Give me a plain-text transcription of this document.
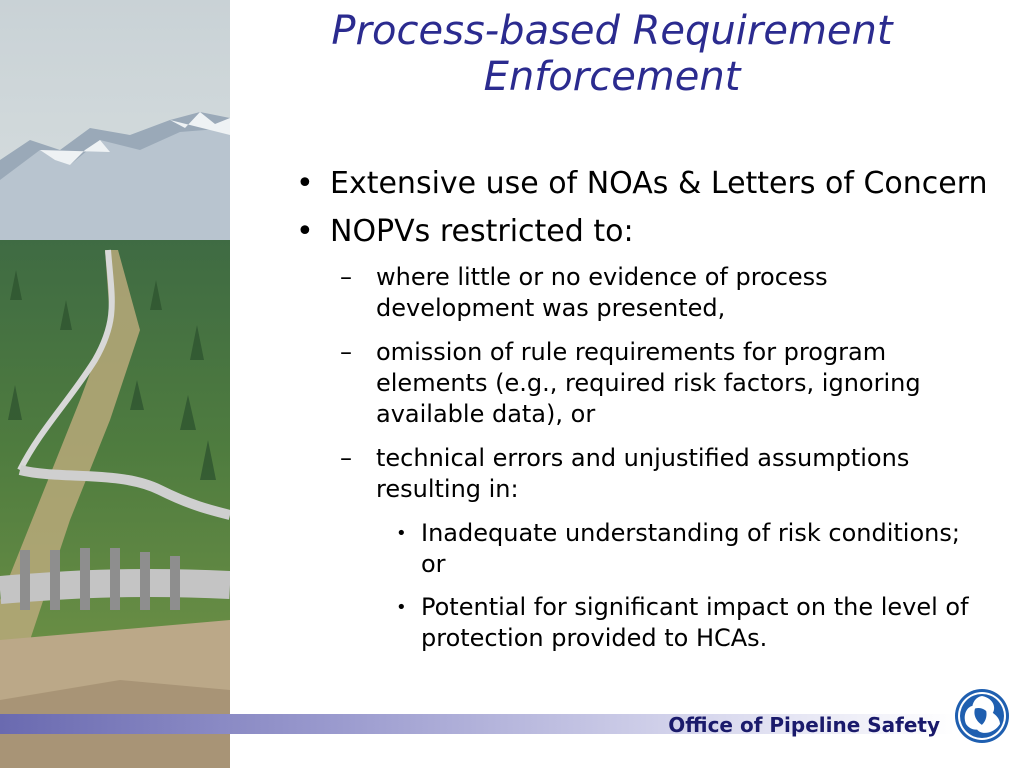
Process-based Requirement
Enforcement
• Extensive use of NOAs & Letters of Concern
• NOPVs restricted to:
– where little or no evidence of process development was presented,
– omission of rule requirements for program elements (e.g., required risk factors, ignoring available data), or
– technical errors and unjustified assumptions resulting in:
• Inadequate understanding of risk conditions; or
• Potential for significant impact on the level of protection provided to HCAs.
Office of Pipeline Safety
